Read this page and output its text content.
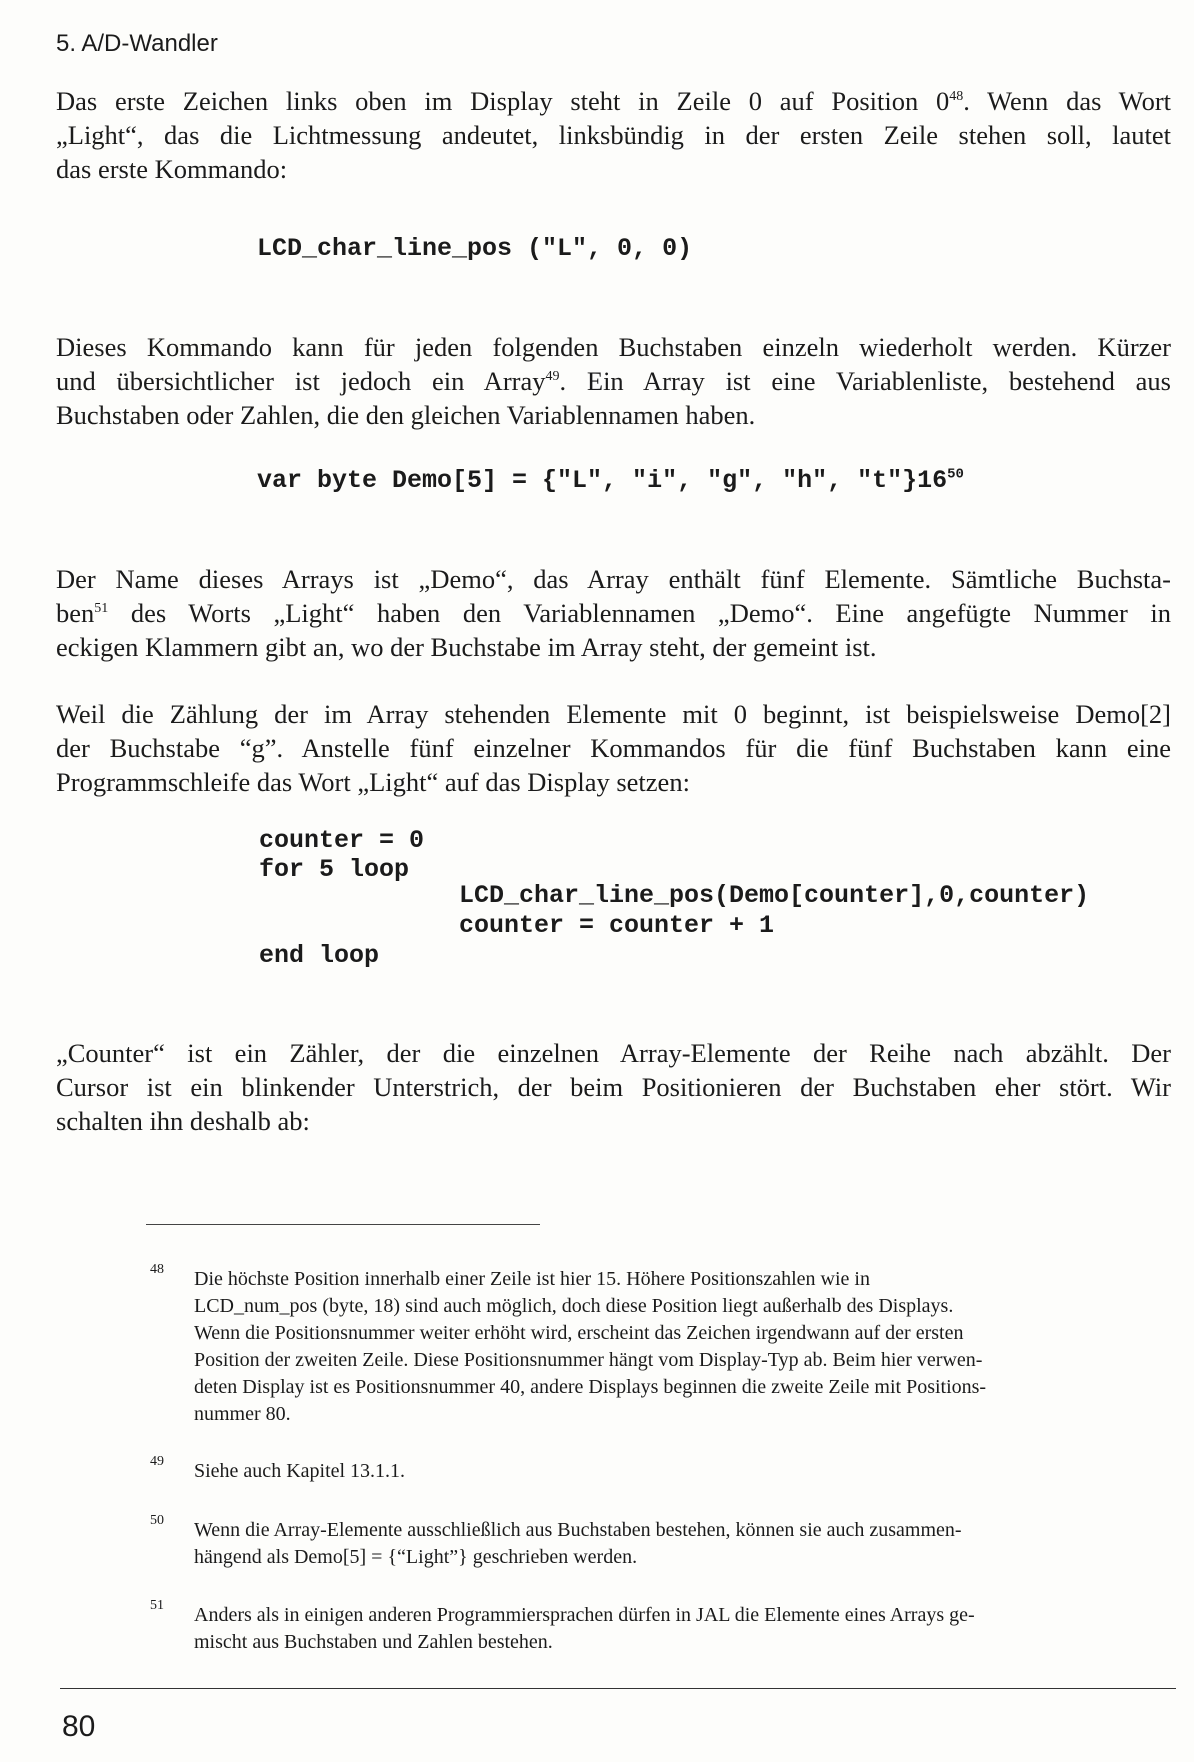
5. A/D-Wandler

Das erste Zeichen links oben im Display steht in Zeile 0 auf Position $0^{48}$. Wenn das Wort
„Light“, das die Lichtmessung andeutet, linksbündig in der ersten Zeile stehen soll, lautet
das erste Kommando:

LCD_char_line_pos ("L", 0, 0)

Dieses Kommando kann für jeden folgenden Buchstaben einzeln wiederholt werden. Kürzer
und übersichtlicher ist jedoch ein Array$^{49}$. Ein Array ist eine Variablenliste, bestehend aus
Buchstaben oder Zahlen, die den gleichen Variablennamen haben.

var byte Demo[5] = {"L", "i", "g", "h", "$t"\}16^{50}$

Der Name dieses Arrays ist „Demo“, das Array enthält fünf Elemente. Sämtliche Buchsta-
ben$^{51}$ des Worts „Light“ haben den Variablennamen „Demo“. Eine angefügte Nummer in
eckigen Klammern gibt an, wo der Buchstabe im Array steht, der gemeint ist.

Weil die Zählung der im Array stehenden Elemente mit 0 beginnt, ist beispielsweise Demo[2]
der Buchstabe “g”. Anstelle fünf einzelner Kommandos für die fünf Buchstaben kann eine
Programmschleife das Wort „Light“ auf das Display setzen:

counter = 0
for 5 loop
LCD_char_line_pos(Demo[counter],0,counter)
counter = counter + 1
end loop

„Counter“ ist ein Zähler, der die einzelnen Array-Elemente der Reihe nach abzählt. Der
Cursor ist ein blinkender Unterstrich, der beim Positionieren der Buchstaben eher stört. Wir
schalten ihn deshalb ab:

48 Die höchste Position innerhalb einer Zeile ist hier 15. Höhere Positionszahlen wie in
LCD_num_pos (byte, 18) sind auch möglich, doch diese Position liegt außerhalb des Displays.
Wenn die Positionsnummer weiter erhöht wird, erscheint das Zeichen irgendwann auf der ersten
Position der zweiten Zeile. Diese Positionsnummer hängt vom Display-Typ ab. Beim hier verwen-
deten Display ist es Positionsnummer 40, andere Displays beginnen die zweite Zeile mit Positions-
nummer 80.

49 Siehe auch Kapitel 13.1.1.

50 Wenn die Array-Elemente ausschließlich aus Buchstaben bestehen, können sie auch zusammen-
hängend als Demo[5] = {“Light”} geschrieben werden.

51 Anders als in einigen anderen Programmiersprachen dürfen in JAL die Elemente eines Arrays ge-
mischt aus Buchstaben und Zahlen bestehen.

80
